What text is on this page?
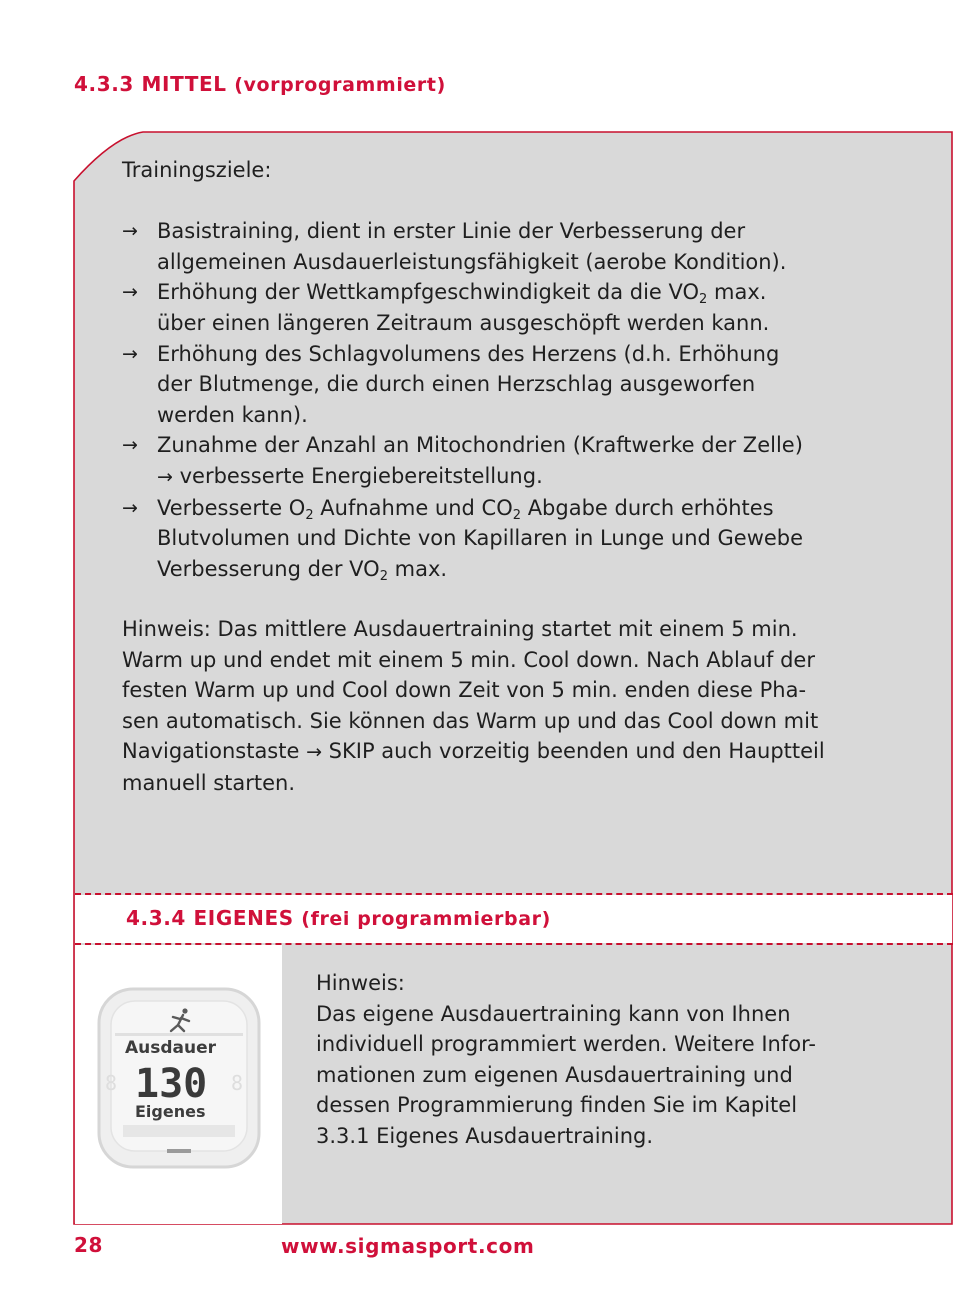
4.3.3 MITTEL (vorprogrammiert)
Trainingsziele:
→ Basistraining, dient in erster Linie der Verbesserung der
allgemeinen Ausdauerleistungsfähigkeit (aerobe Kondition).
→ Erhöhung der Wettkampfgeschwindigkeit da die $VO_2$ max.
über einen längeren Zeitraum ausgeschöpft werden kann.
→ Erhöhung des Schlagvolumens des Herzens (d.h. Erhöhung
der Blutmenge, die durch einen Herzschlag ausgeworfen
werden kann).
→ Zunahme der Anzahl an Mitochondrien (Kraftwerke der Zelle)
→ verbesserte Energiebereitstellung.
→ Verbesserte $O_2$ Aufnahme und $CO_2$ Abgabe durch erhöhtes
Blutvolumen und Dichte von Kapillaren in Lunge und Gewebe
Verbesserung der $VO_2$ max.
Hinweis: Das mittlere Ausdauertraining startet mit einem 5 min.
Warm up und endet mit einem 5 min. Cool down. Nach Ablauf der
festen Warm up und Cool down Zeit von 5 min. enden diese Pha-
sen automatisch. Sie können das Warm up und das Cool down mit
Navigationstaste → SKIP auch vorzeitig beenden und den Hauptteil
manuell starten.
4.3.4 EIGENES (frei programmierbar)
Ausdauer
8	8
130
Eigenes
Hinweis:
Das eigene Ausdauertraining kann von Ihnen
individuell programmiert werden. Weitere Infor-
mationen zum eigenen Ausdauertraining und
dessen Programmierung finden Sie im Kapitel
3.3.1 Eigenes Ausdauertraining.
28	www.sigmasport.com
